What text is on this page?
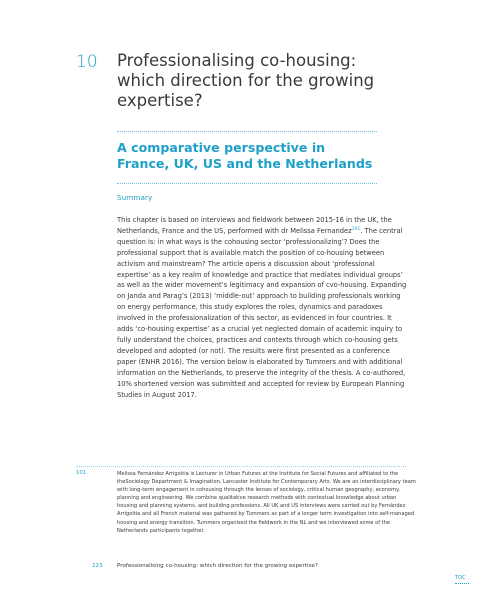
10 Professionalising co-housing: which direction for the growing expertise?
A comparative perspective in France, UK, US and the Netherlands
Summary

This chapter is based on interviews and fieldwork between 2015-16 in the UK, the Netherlands, France and the US, performed with dr Melissa Fernandez$^{101}$. The central question is: in what ways is the cohousing sector ‘professionalizing’? Does the professional support that is available match the position of co-housing between activism and mainstream? The article opens a discussion about ‘professional expertise’ as a key realm of knowledge and practice that mediates individual groups’ as well as the wider movement’s legitimacy and expansion of cvo-housing. Expanding on Janda and Parag’s (2013) ‘middle-out’ approach to building professionals working on energy performance, this study explores the roles, dynamics and paradoxes involved in the professionalization of this sector, as evidenced in four countries. It adds ‘co-housing expertise’ as a crucial yet neglected domain of academic inquiry to fully understand the choices, practices and contexts through which co-housing gets developed and adopted (or not). The results were first presented as a conference paper (ENHR 2016). The version below is elaborated by Tummers and with additional information on the Netherlands, to preserve the integrity of the thesis. A co-authored, 10% shortened version was submitted and accepted for review by European Planning Studies in August 2017.

101	Melissa Fernández Arrigoitia is Lecturer in Urban Futures at the Institute for Social Futures and affiliated to the theSociology Department & Imagination, Lancaster Institute for Contemporary Arts. We are an interdisciplinary team with long-term engagement in cohousing through the lenses of sociology, critical human geography, economy, planning and engineering. We combine qualitative research methods with contextual knowledge about urban housing and planning systems, and building professions. All UK and US interviews were carried out by Fernández Arrigoitia and all French material was gathered by Tummers as part of a longer term investigation into self-managed housing and energy transition. Tummers organised the fieldwork in the NL and we interviewed some of the Netherlands participants together.

223	Professionalising co-housing: which direction for the growing expertise?
TOC
